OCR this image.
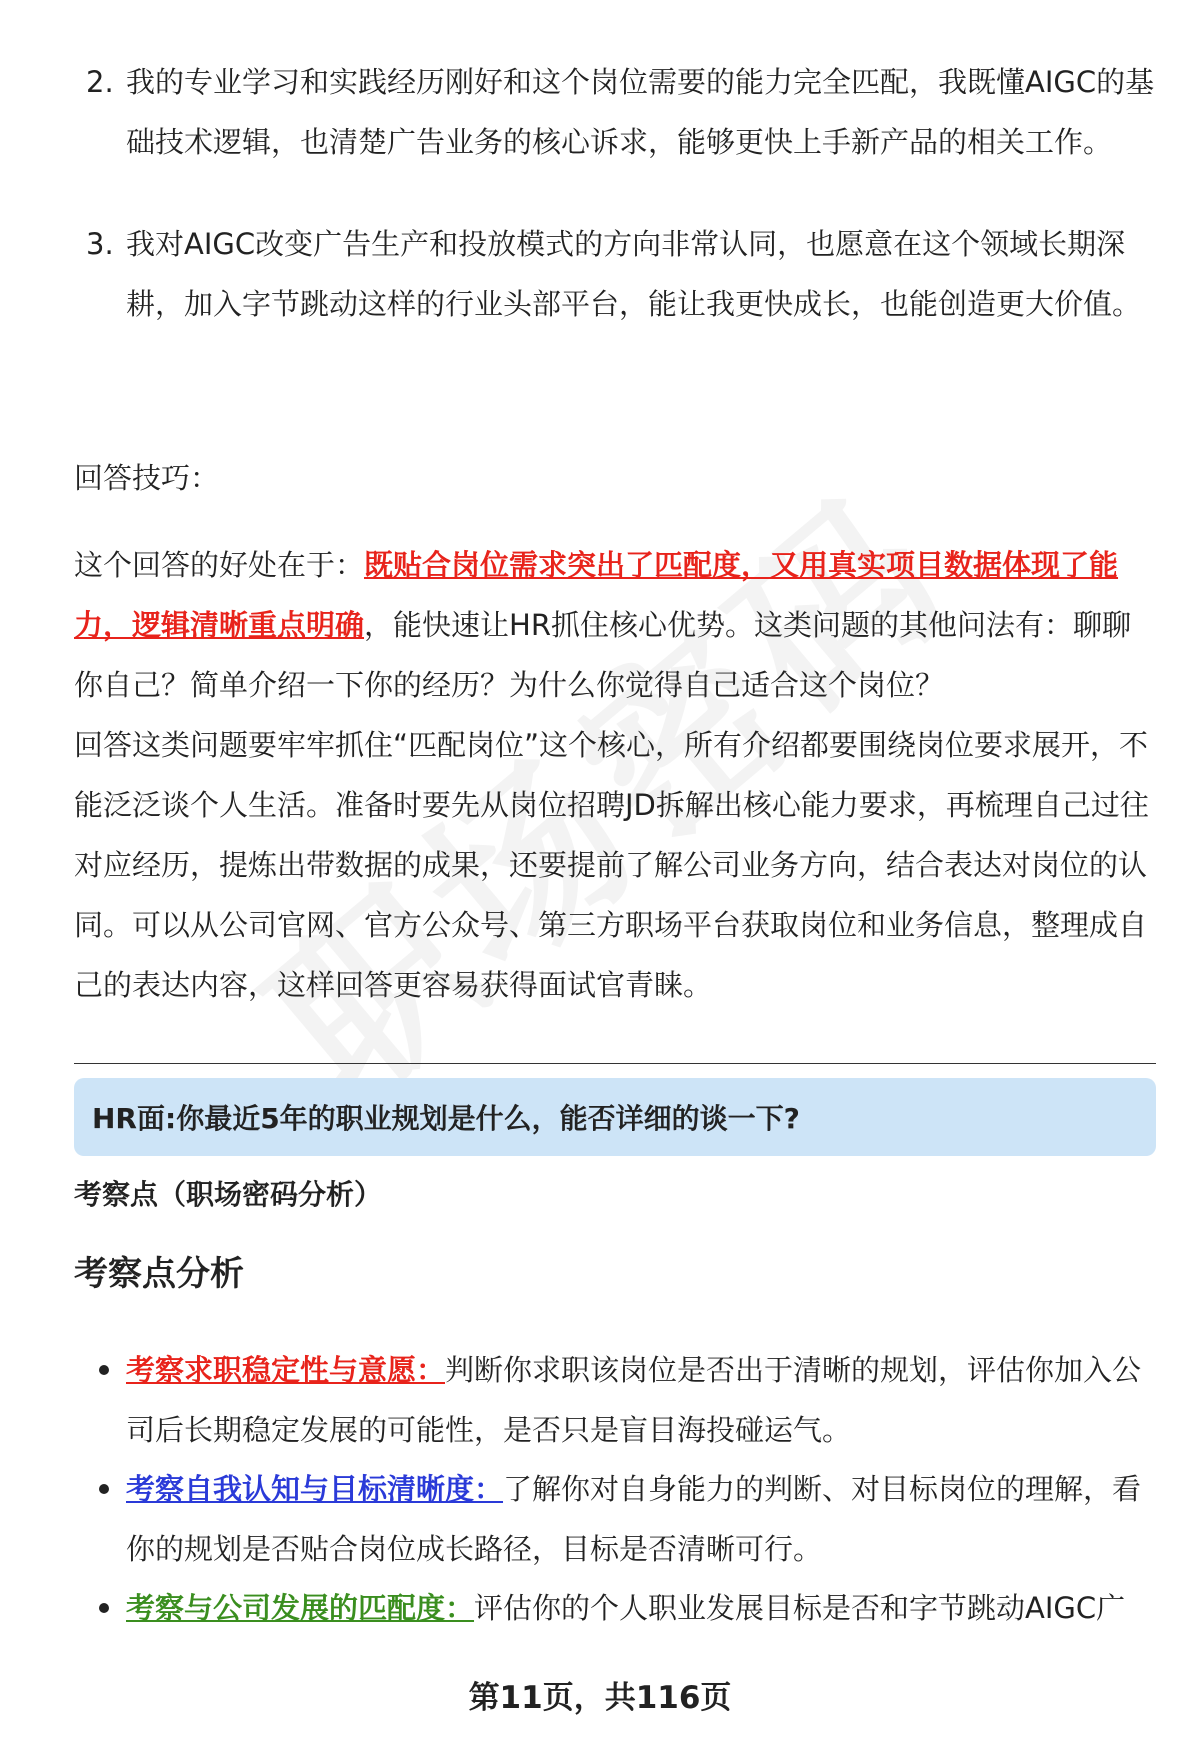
2. 我的专业学习和实践经历刚好和这个岗位需要的能力完全匹配，我既懂AIGC的基础技术逻辑，也清楚广告业务的核心诉求，能够更快上手新产品的相关工作。
3. 我对AIGC改变广告生产和投放模式的方向非常认同，也愿意在这个领域长期深耕，加入字节跳动这样的行业头部平台，能让我更快成长，也能创造更大价值。

回答技巧：

这个回答的好处在于：既贴合岗位需求突出了匹配度，又用真实项目数据体现了能力，逻辑清晰重点明确，能快速让HR抓住核心优势。这类问题的其他问法有：聊聊你自己？简单介绍一下你的经历？为什么你觉得自己适合这个岗位？

回答这类问题要牢牢抓住“匹配岗位”这个核心，所有介绍都要围绕岗位要求展开，不能泛泛谈个人生活。准备时要先从岗位招聘JD拆解出核心能力要求，再梳理自己过往对应经历，提炼出带数据的成果，还要提前了解公司业务方向，结合表达对岗位的认同。可以从公司官网、官方公众号、第三方职场平台获取岗位和业务信息，整理成自己的表达内容，这样回答更容易获得面试官青睐。

HR面:你最近5年的职业规划是什么，能否详细的谈一下?

考察点（职场密码分析）

考察点分析

考察求职稳定性与意愿：判断你求职该岗位是否出于清晰的规划，评估你加入公司后长期稳定发展的可能性，是否只是盲目海投碰运气。
考察自我认知与目标清晰度：了解你对自身能力的判断、对目标岗位的理解，看你的规划是否贴合岗位成长路径，目标是否清晰可行。
考察与公司发展的匹配度：评估你的个人职业发展目标是否和字节跳动AIGC广
第11页，共116页
